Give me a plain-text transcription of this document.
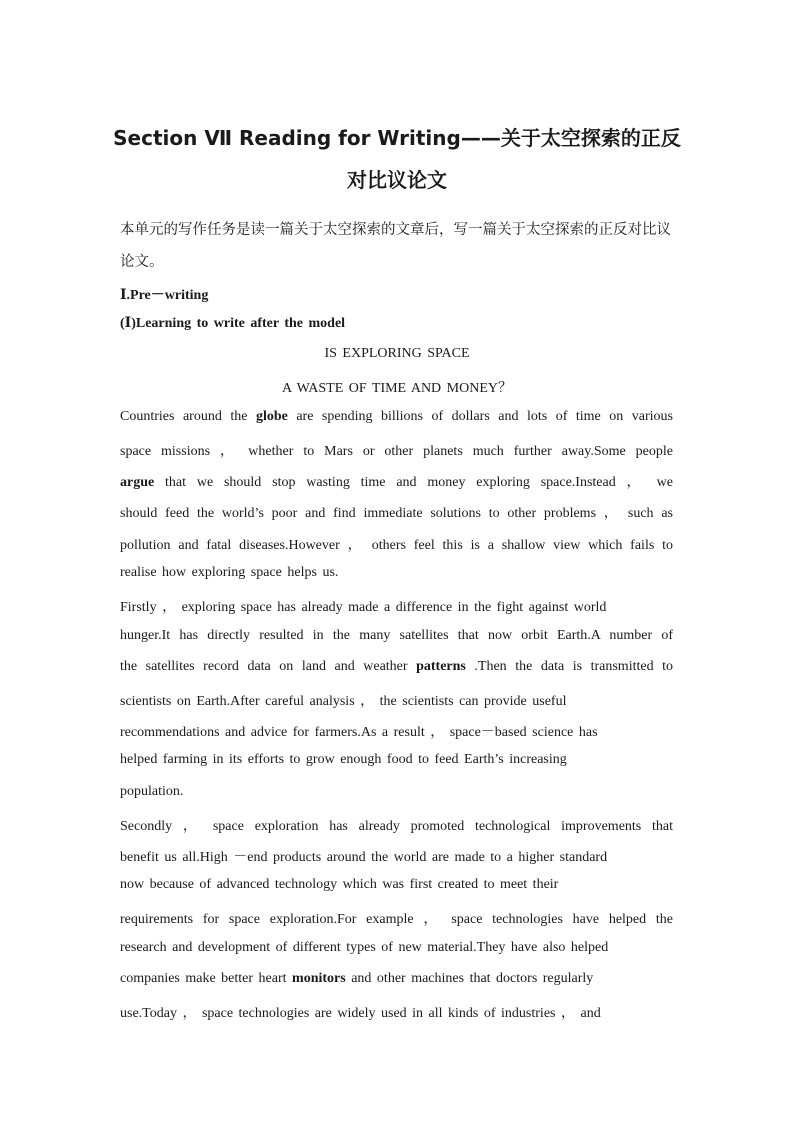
Section Ⅶ Reading for Writing——关于太空探索的正反
对比议论文
本单元的写作任务是读一篇关于太空探索的文章后，写一篇关于太空探索的正反对比议论文。
Ⅰ.Pre－writing
(Ⅰ)Learning to write after the model
IS EXPLORING SPACE
A WASTE OF TIME AND MONEY？
Countries around the globe are spending billions of dollars and lots of time on various
space missions ， whether to Mars or other planets much further away.Some people
argue that we should stop wasting time and money exploring space.Instead ， we
should feed the world’s poor and find immediate solutions to other problems ， such as
pollution and fatal diseases.However ， others feel this is a shallow view which fails to
realise how exploring space helps us.
Firstly ， exploring space has already made a difference in the fight against world
hunger.It has directly resulted in the many satellites that now orbit Earth.A number of
the satellites record data on land and weather patterns .Then the data is transmitted to
scientists on Earth.After careful analysis ， the scientists can provide useful
recommendations and advice for farmers.As a result ， space－based science has
helped farming in its efforts to grow enough food to feed Earth’s increasing
population.
Secondly ， space exploration has already promoted technological improvements that
benefit us all.High －end products around the world are made to a higher standard
now because of advanced technology which was first created to meet their
requirements for space exploration.For example ， space technologies have helped the
research and development of different types of new material.They have also helped
companies make better heart monitors and other machines that doctors regularly
use.Today ， space technologies are widely used in all kinds of industries ， and
